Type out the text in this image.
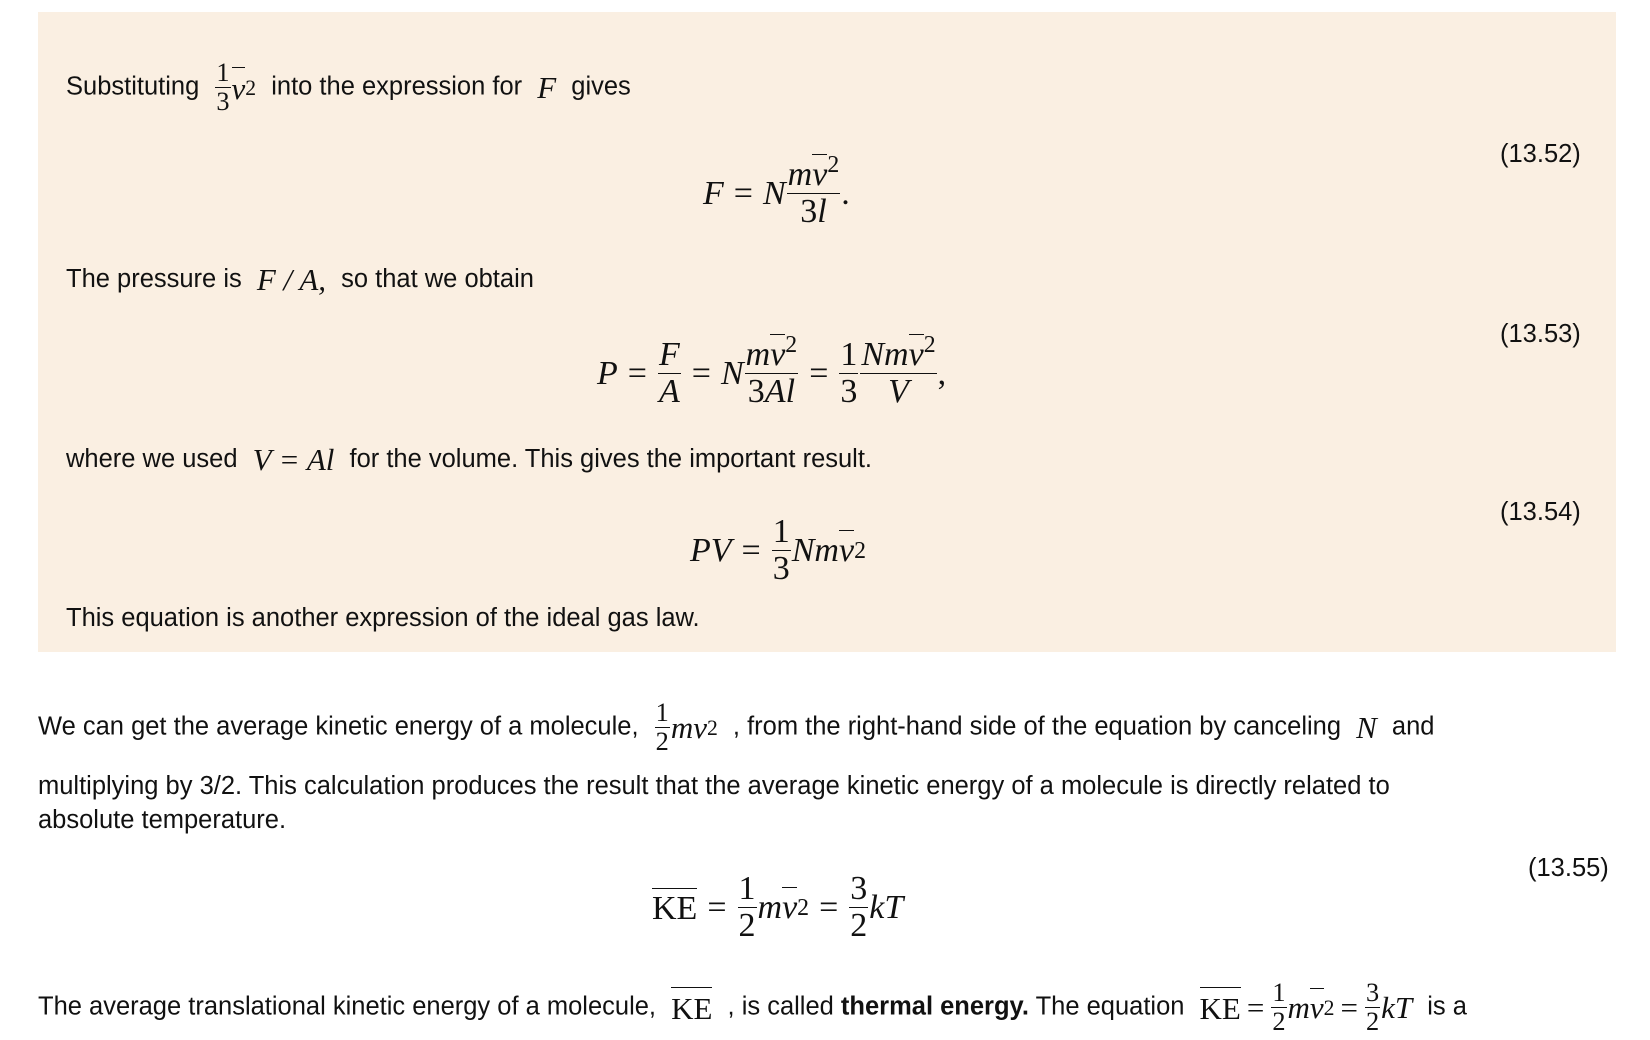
Substituting $\frac{1}{3}$ v 2 into the expression for F gives
(13.52)
F = N $\frac{mv^2}{3l}$ .
The pressure is F / A, so that we obtain
(13.53)
$P = \frac{F}{A} = N \frac{mv^2}{3Al} = \frac{1}{3} \frac{Nmv^2}{V}$ ,
where we used V = Al for the volume. This gives the important result.
(13.54)
PV = $\frac{1}{3}$ Nmv 2
This equation is another expression of the ideal gas law.
We can get the average kinetic energy of a molecule, $\frac{1}{2}$ mv 2 , from the right-hand side of the equation by canceling N and
multiplying by 3/2. This calculation produces the result that the average kinetic energy of a molecule is directly related to
absolute temperature.
(13.55)
KE = $\frac{1}{2}$ mv $2 = \frac{3}{2}$ kT
The average translational kinetic energy of a molecule, KE , is called thermal energy. The equation KE = $\frac{1}{2}$ mv $2 = \frac{3}{2}$ kT is a
